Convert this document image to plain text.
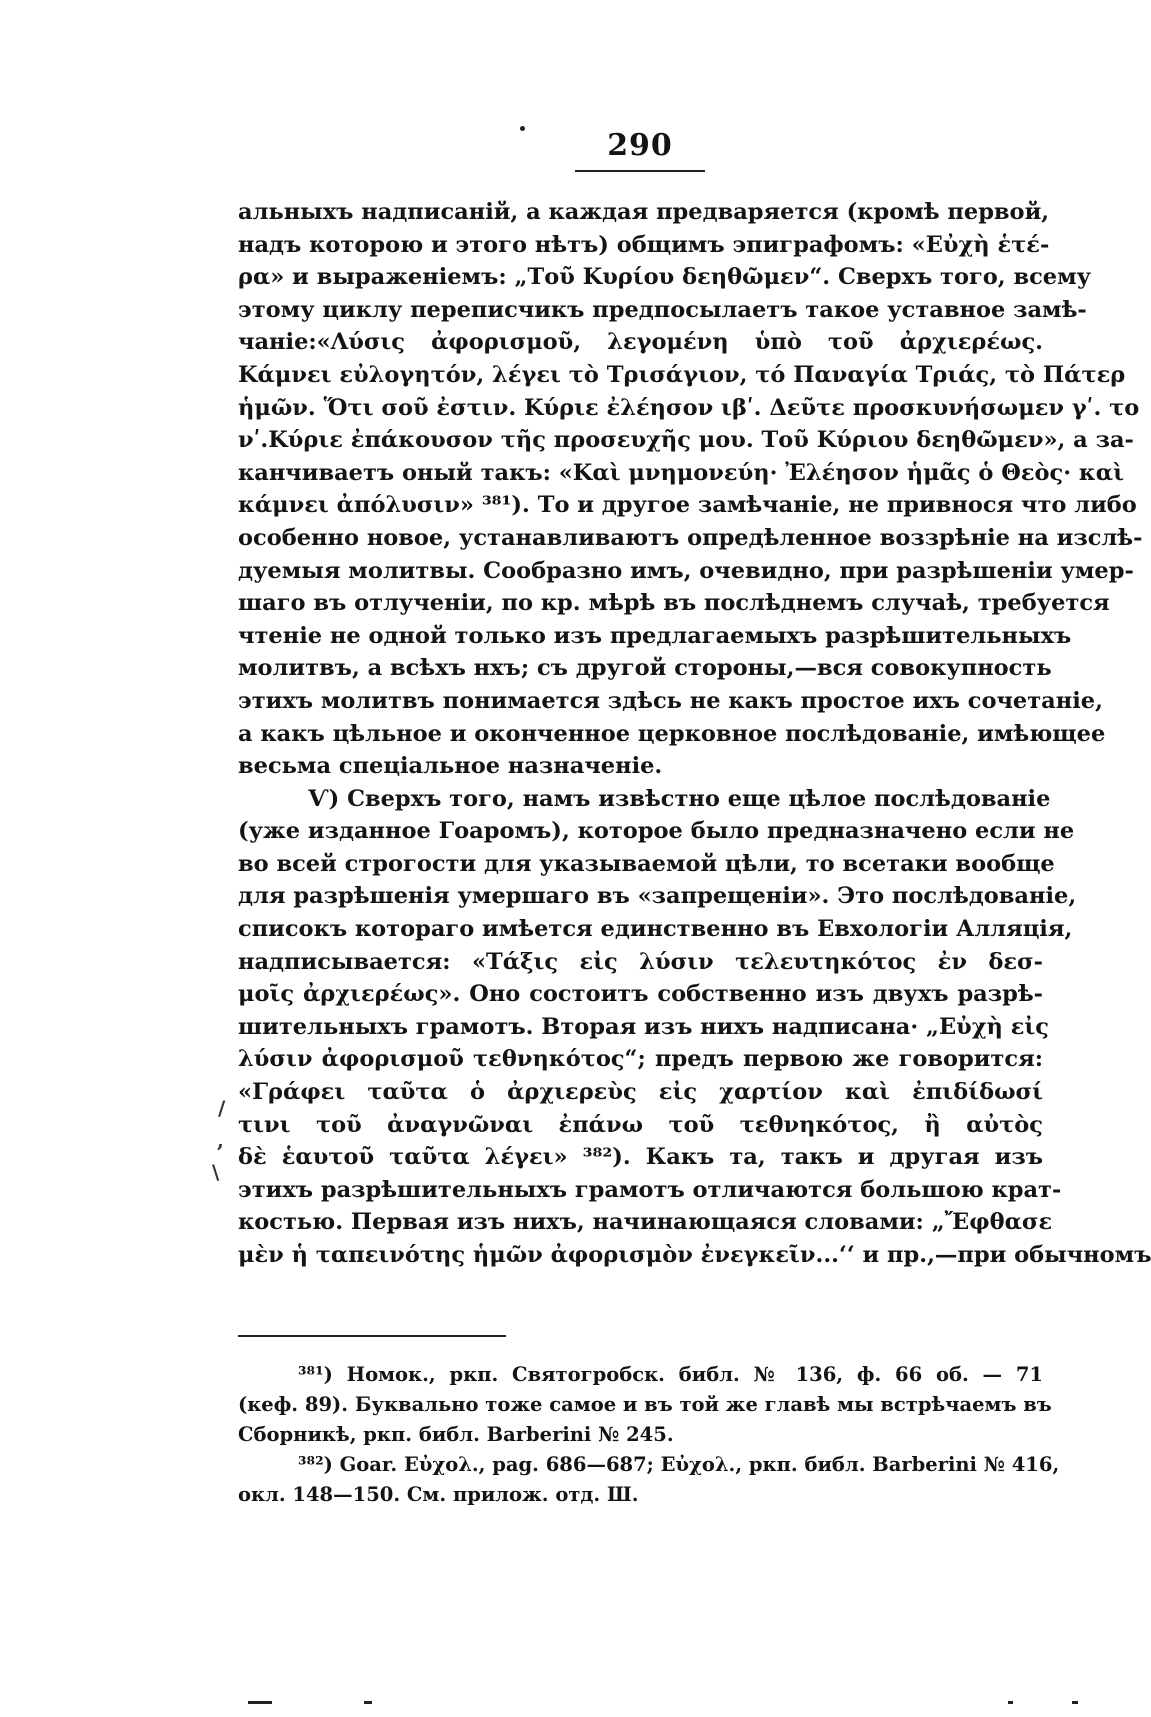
290
альныхъ надписаній, а каждая предваряется (кромѣ первой,
надъ которою и этого нѣтъ) общимъ эпиграфомъ: «Εὐχὴ ἑτέ-
ρα» и выраженіемъ: „Τοῦ Κυρίου δεηθῶμεν“. Сверхъ того, всему
этому циклу переписчикъ предпосылаетъ такое уставное замѣ-
чаніе:«Λύσις ἀφορισμοῦ, λεγομένη ὑπὸ τοῦ ἀρχιερέως.
Κάμνει εὐλογητόν, λέγει τὸ Τρισάγιον, τό Παναγία Τριάς, τὸ Πάτερ
ἡμῶν. Ὅτι σοῦ ἐστιν. Κύριε ἐλέησον ιβʹ. Δεῦτε προσκυνήσωμεν γʹ. το
νʹ.Κύριε ἐπάκουσον τῆς προσευχῆς μου. Τοῦ Κύριου δεηθῶμεν», а за-
канчиваетъ оный такъ: «Καὶ μνημονεύη· Ἐλέησον ἡμᾶς ὁ Θεὸς· καὶ
κάμνει ἀπόλυσιν» ³⁸¹). То и другое замѣчаніе, не привнося что либо
особенно новое, устанавливаютъ опредѣленное воззрѣніе на изслѣ-
дуемыя молитвы. Сообразно имъ, очевидно, при разрѣшеніи умер-
шаго въ отлученіи, по кр. мѣрѣ въ послѣднемъ случаѣ, требуется
чтеніе не одной только изъ предлагаемыхъ разрѣшительныхъ
молитвъ, а всѣхъ нхъ; съ другой стороны,—вся совокупность
этихъ молитвъ понимается здѣсь не какъ простое ихъ сочетаніе,
а какъ цѣльное и оконченное церковное послѣдованіе, имѣющее
весьма спеціальное назначеніе.
Ѵ) Сверхъ того, намъ извѣстно еще цѣлое послѣдованіе
(уже изданное Гоаромъ), которое было предназначено если не
во всей строгости для указываемой цѣли, то всетаки вообще
для разрѣшенія умершаго въ «запрещеніи». Это послѣдованіе,
списокъ котораго имѣется единственно въ Евхологіи Алляція,
надписывается: «Τάξις εἰς λύσιν τελευτηκότος ἐν δεσ-
μοῖς ἀρχιερέως». Оно состоитъ собственно изъ двухъ разрѣ-
шительныхъ грамотъ. Вторая изъ нихъ надписана· „Εὐχὴ εἰς
λύσιν ἀφορισμοῦ τεθνηκότος“; предъ первою же говорится:
«Γράφει ταῦτα ὁ ἀρχιερεὺς εἰς χαρτίον καὶ ἐπιδίδωσί
τινι τοῦ ἀναγνῶναι ἐπάνω τοῦ τεθνηκότος, ἢ αὐτὸς
δὲ ἑαυτοῦ ταῦτα λέγει» ³⁸²). Какъ та, такъ и другая изъ
этихъ разрѣшительныхъ грамотъ отличаются большою крат-
костью. Первая изъ нихъ, начинающаяся словами: „Ἔφθασε
μὲν ἡ ταπεινότης ἡμῶν ἀφορισμὸν ἐνεγκεῖν...‘‘ и пр.,—при обычномъ
/
,
\
³⁸¹) Номок., ркп. Святогробск. библ. № 136, ф. 66 об. — 71
(кеф. 89). Буквально тоже самое и въ той же главѣ мы встрѣчаемъ въ
Сборникѣ, ркп. библ. Barberini № 245.
³⁸²) Goar. Εὐχολ., pag. 686—687; Εὐχολ., ркп. библ. Barberini № 416,
окл. 148—150. См. прилож. отд. Ш.
